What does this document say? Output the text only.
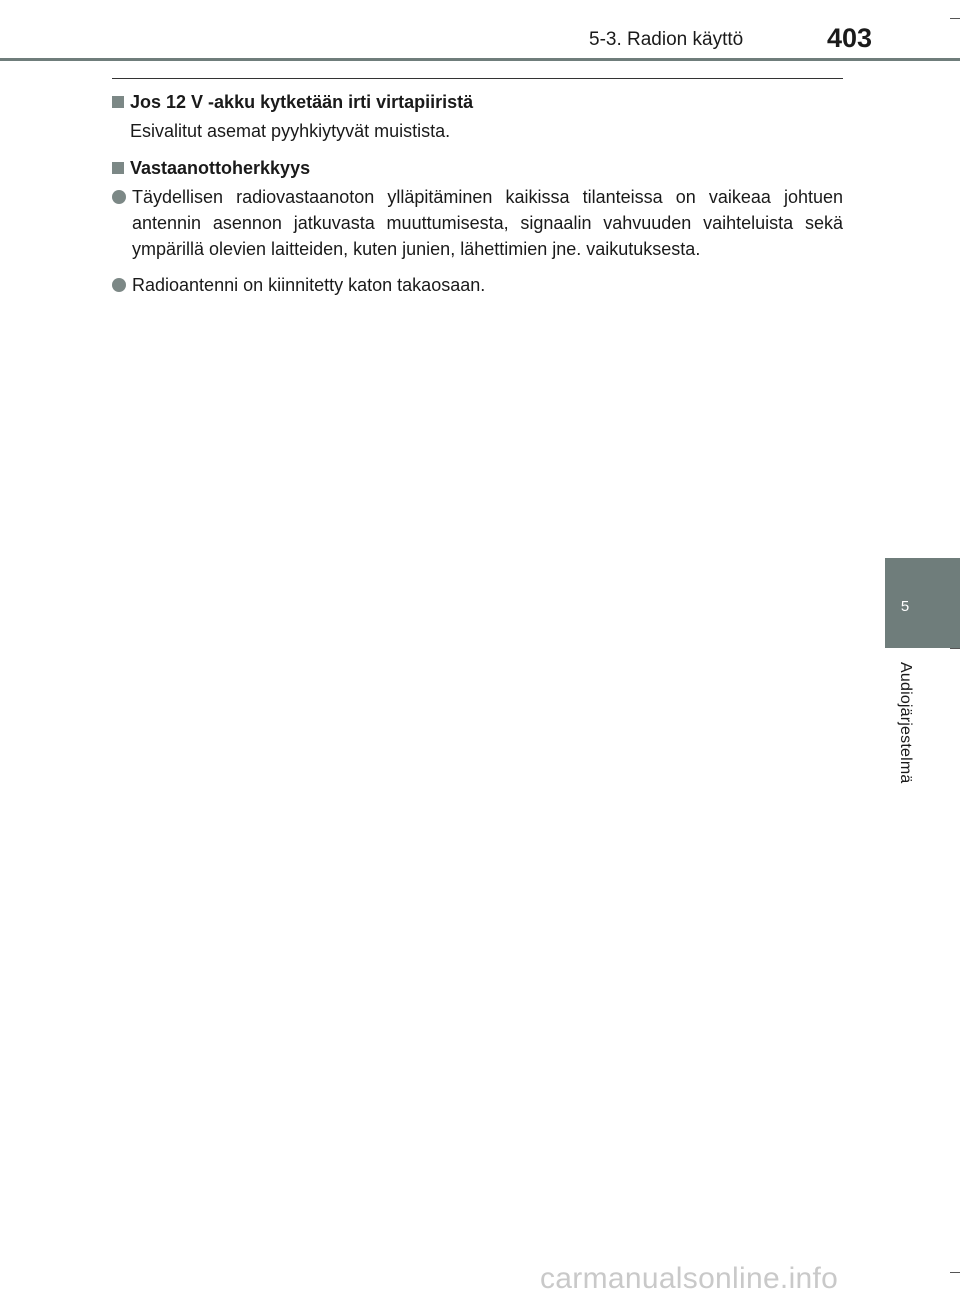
5-3. Radion käyttö	403
Jos 12 V -akku kytketään irti virtapiiristä
Esivalitut asemat pyyhkiytyvät muistista.
Vastaanottoherkkyys
Täydellisen radiovastaanoton ylläpitäminen kaikissa tilanteissa on vaikeaa johtuen antennin asennon jatkuvasta muuttumisesta, signaalin vahvuuden vaihteluista sekä ympärillä olevien laitteiden, kuten junien, lähettimien jne. vaikutuksesta.
Radioantenni on kiinnitetty katon takaosaan.
5
Audiojärjestelmä
carmanualsonline.info
